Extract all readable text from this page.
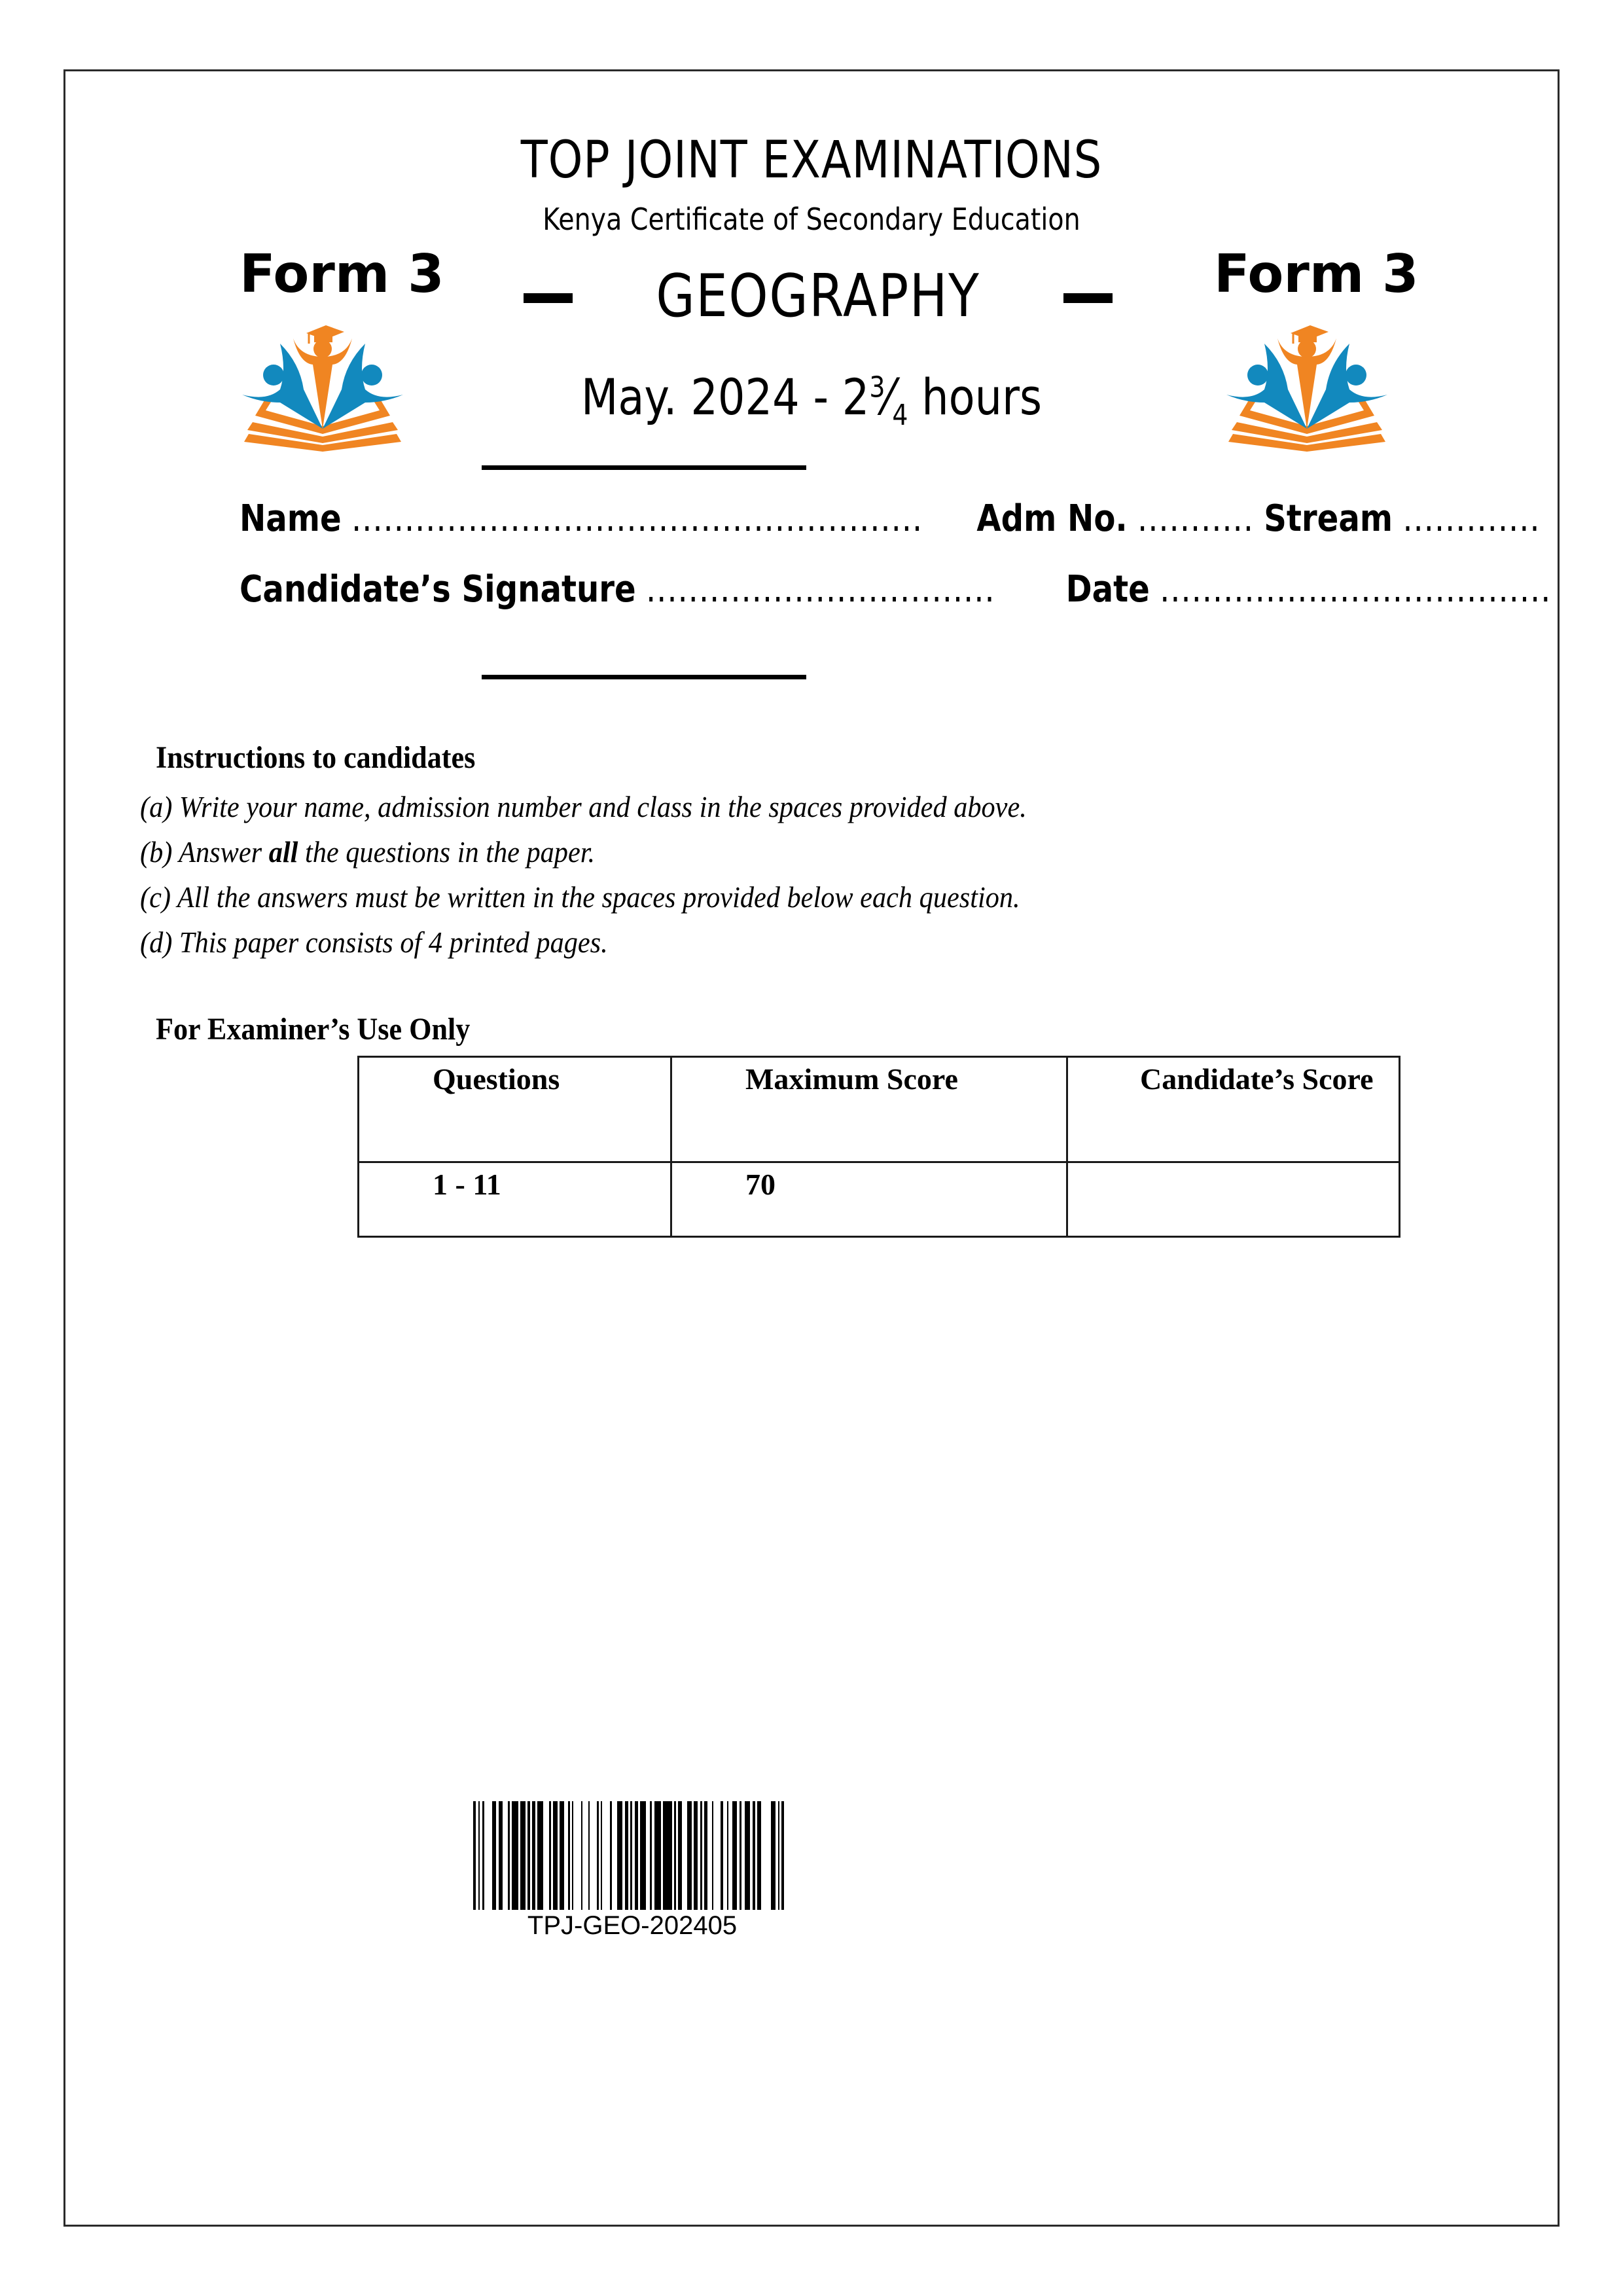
TOP JOINT EXAMINATIONS
Kenya Certificate of Secondary Education
Form 3	Form 3
GEOGRAPHY
May. $2024 - 2^3⁄_4$ hours
Name ...................................................... Adm No. ........... Stream .............
Candidate’s Signature ................................. Date .....................................
Instructions to candidates
(a) Write your name, admission number and class in the spaces provided above.
(b) Answer all the questions in the paper.
(c) All the answers must be written in the spaces provided below each question.
(d) This paper consists of 4 printed pages.
For Examiner’s Use Only
Questions	Maximum Score	Candidate’s Score
1 - 11	70	
TPJ-GEO-202405
